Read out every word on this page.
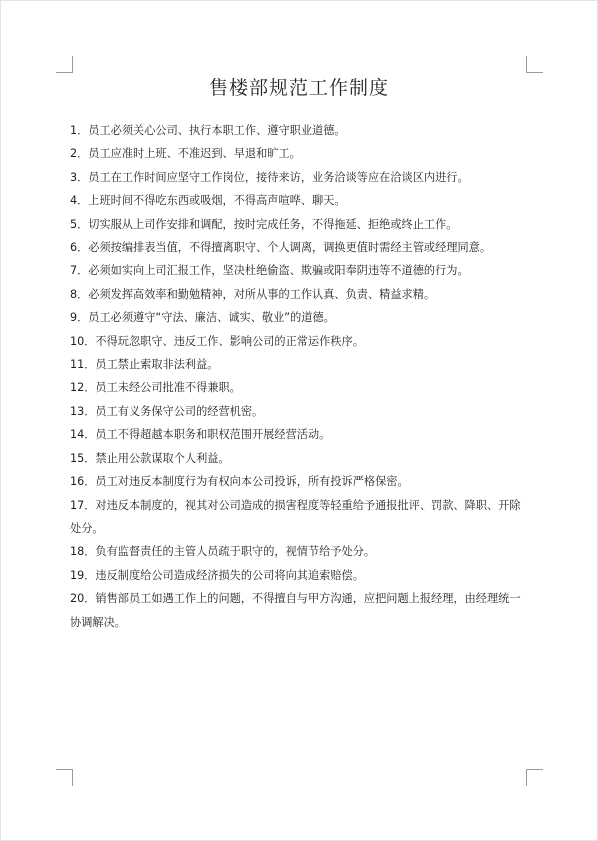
售楼部规范工作制度
1．员工必须关心公司、执行本职工作、遵守职业道德。
2．员工应准时上班、不准迟到、早退和旷工。
3．员工在工作时间应坚守工作岗位，接待来访，业务洽谈等应在洽谈区内进行。
4．上班时间不得吃东西或吸烟，不得高声喧哗、聊天。
5．切实服从上司作安排和调配，按时完成任务，不得拖延、拒绝或终止工作。
6．必须按编排表当值，不得擅离职守、个人调离，调换更值时需经主管或经理同意。
7．必须如实向上司汇报工作，坚决杜绝偷盗、欺骗或阳奉阴违等不道德的行为。
8．必须发挥高效率和勤勉精神，对所从事的工作认真、负责、精益求精。
9．员工必须遵守“守法、廉洁、诚实、敬业”的道德。
10．不得玩忽职守、违反工作、影响公司的正常运作秩序。
11．员工禁止索取非法利益。
12．员工未经公司批准不得兼职。
13．员工有义务保守公司的经营机密。
14．员工不得超越本职务和职权范围开展经营活动。
15．禁止用公款谋取个人利益。
16．员工对违反本制度行为有权向本公司投诉，所有投诉严格保密。
17．对违反本制度的，视其对公司造成的损害程度等轻重给予通报批评、罚款、降职、开除处分。
18．负有监督责任的主管人员疏于职守的，视情节给予处分。
19．违反制度给公司造成经济损失的公司将向其追索赔偿。
20．销售部员工如遇工作上的问题，不得擅自与甲方沟通，应把问题上报经理，由经理统一协调解决。
